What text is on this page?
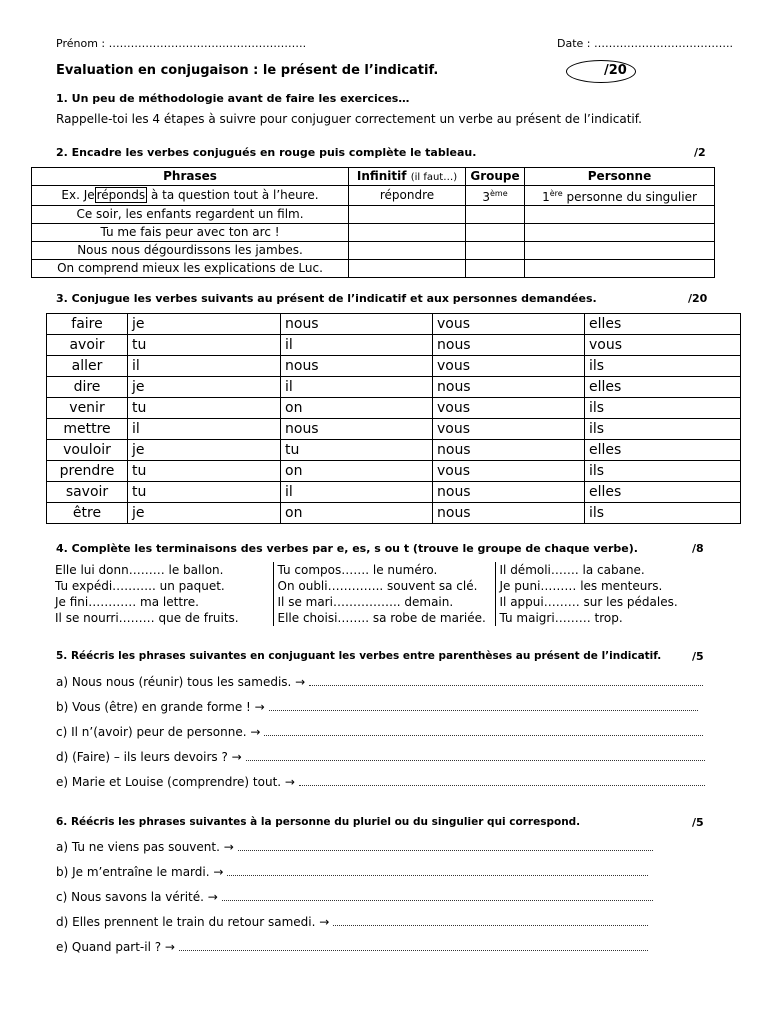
Prénom : …………………………..………………….	Date : ………………………………..
Evaluation en conjugaison : le présent de l’indicatif.	/20
1. Un peu de méthodologie avant de faire les exercices…
Rappelle-toi les 4 étapes à suivre pour conjuguer correctement un verbe au présent de l’indicatif.
2. Encadre les verbes conjugués en rouge puis complète le tableau.	/2
Phrases	Infinitif (il faut…)	Groupe	Personne
Ex. Je réponds à ta question tout à l’heure.	répondre	3ème	1ère personne du singulier
Ce soir, les enfants regardent un film.			
Tu me fais peur avec ton arc !			
Nous nous dégourdissons les jambes.			
On comprend mieux les explications de Luc.			
3. Conjugue les verbes suivants au présent de l’indicatif et aux personnes demandées.	/20
faire	je	nous	vous	elles
avoir	tu	il	nous	vous
aller	il	nous	vous	ils
dire	je	il	nous	elles
venir	tu	on	vous	ils
mettre	il	nous	vous	ils
vouloir	je	tu	nous	elles
prendre	tu	on	vous	ils
savoir	tu	il	nous	elles
être	je	on	nous	ils
4. Complète les terminaisons des verbes par e, es, s ou t (trouve le groupe de chaque verbe).	/8
Elle lui donn……… le ballon.	Tu compos……. le numéro.	Il démoli……. la cabane.
Tu expédi……….. un paquet.	On oubli………….. souvent sa clé.	Je puni……… les menteurs.
Je fini………… ma lettre.	Il se mari…………….. demain.	Il appui……… sur les pédales.
Il se nourri……… que de fruits.	Elle choisi…….. sa robe de mariée.	Tu maigri……… trop.
5. Réécris les phrases suivantes en conjuguant les verbes entre parenthèses au présent de l’indicatif.	/5
a) Nous nous (réunir) tous les samedis. →
b) Vous (être) en grande forme ! →
c) Il n’(avoir) peur de personne. →
d) (Faire) – ils leurs devoirs ? →
e) Marie et Louise (comprendre) tout. →
6. Réécris les phrases suivantes à la personne du pluriel ou du singulier qui correspond.	/5
a) Tu ne viens pas souvent. →
b) Je m’entraîne le mardi. →
c) Nous savons la vérité. →
d) Elles prennent le train du retour samedi. →
e) Quand part-il ? →
